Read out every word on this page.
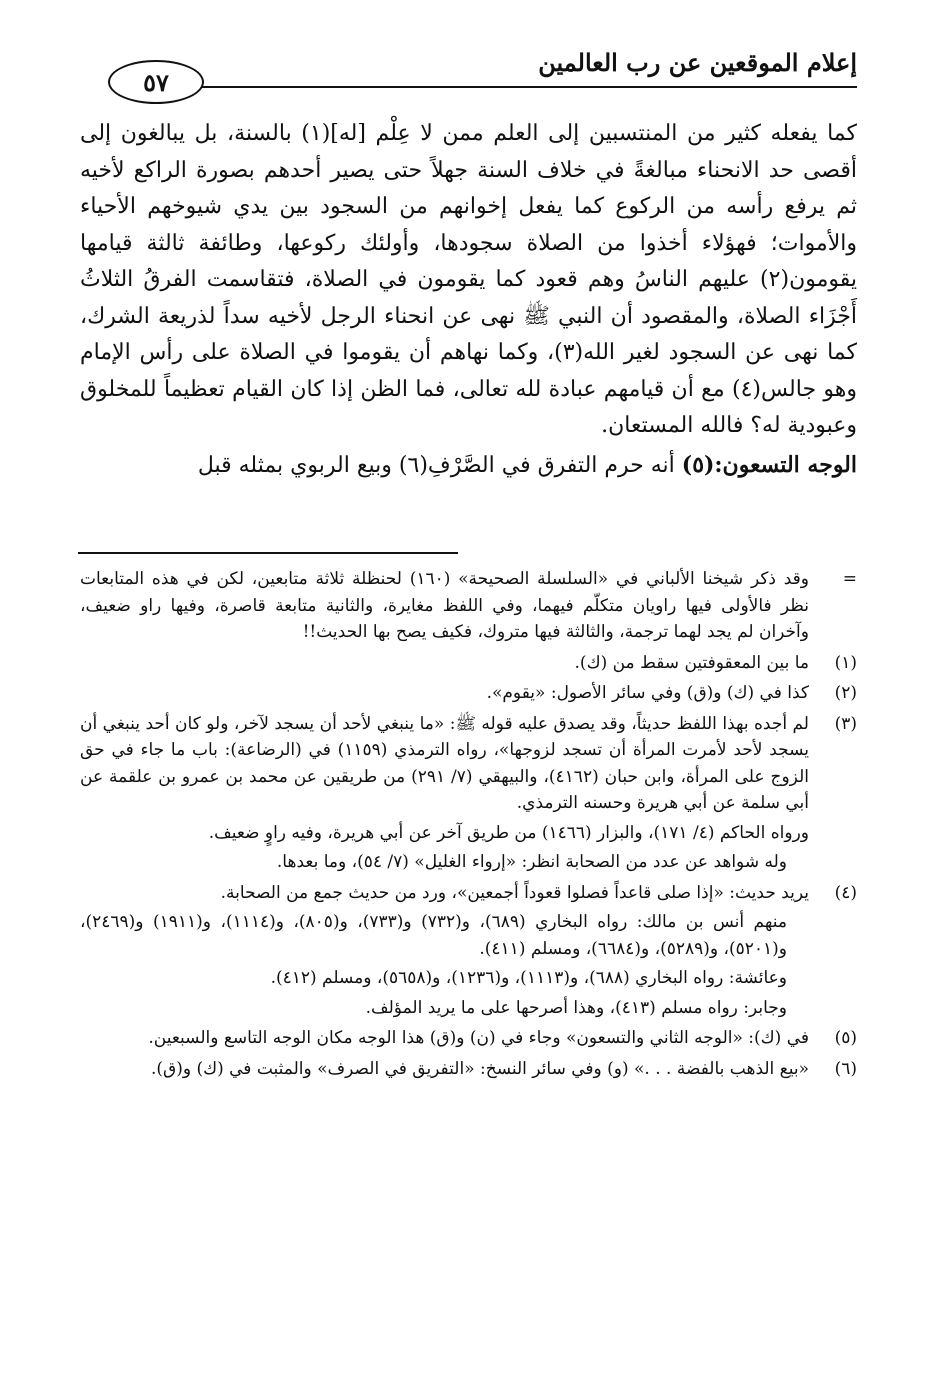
إعلام الموقعين عن رب العالمين
٥٧

كما يفعله كثير من المنتسبين إلى العلم ممن لا عِلْم [له](١) بالسنة، بل يبالغون إلى أقصى حد الانحناء مبالغةً في خلاف السنة جهلاً حتى يصير أحدهم بصورة الراكع لأخيه ثم يرفع رأسه من الركوع كما يفعل إخوانهم من السجود بين يدي شيوخهم الأحياء والأموات؛ فهؤلاء أخذوا من الصلاة سجودها، وأولئك ركوعها، وطائفة ثالثة قيامها يقومون(٢) عليهم الناسُ وهم قعود كما يقومون في الصلاة، فتقاسمت الفرقُ الثلاثُ أَجْزَاء الصلاة، والمقصود أن النبي ﷺ نهى عن انحناء الرجل لأخيه سداً لذريعة الشرك، كما نهى عن السجود لغير الله(٣)، وكما نهاهم أن يقوموا في الصلاة على رأس الإمام وهو جالس(٤) مع أن قيامهم عبادة لله تعالى، فما الظن إذا كان القيام تعظيماً للمخلوق وعبودية له؟ فالله المستعان.

الوجه التسعون:(٥) أنه حرم التفرق في الصَّرْفِ(٦) وبيع الربوي بمثله قبل

=

وقد ذكر شيخنا الألباني في «السلسلة الصحيحة» (١٦٠) لحنظلة ثلاثة متابعين، لكن في هذه المتابعات نظر فالأولى فيها راويان متكلّم فيهما، وفي اللفظ مغايرة، والثانية متابعة قاصرة، وفيها راو ضعيف، وآخران لم يجد لهما ترجمة، والثالثة فيها متروك، فكيف يصح بها الحديث!!

(١)

ما بين المعقوفتين سقط من (ك).

(٢)

كذا في (ك) و(ق) وفي سائر الأصول: «يقوم».

(٣)

لم أجده بهذا اللفظ حديثاً، وقد يصدق عليه قوله ﷺ: «ما ينبغي لأحد أن يسجد لآخر، ولو كان أحد ينبغي أن يسجد لأحد لأمرت المرأة أن تسجد لزوجها»، رواه الترمذي (١١٥٩) في (الرضاعة): باب ما جاء في حق الزوج على المرأة، وابن حبان (٤١٦٢)، والبيهقي (٧/ ٢٩١) من طريقين عن محمد بن عمرو بن علقمة عن أبي سلمة عن أبي هريرة وحسنه الترمذي.

ورواه الحاكم (٤/ ١٧١)، والبزار (١٤٦٦) من طريق آخر عن أبي هريرة، وفيه راوٍ ضعيف.

وله شواهد عن عدد من الصحابة انظر: «إرواء الغليل» (٧/ ٥٤)، وما بعدها.

(٤)

يريد حديث: «إذا صلى قاعداً فصلوا قعوداً أجمعين»، ورد من حديث جمع من الصحابة.

منهم أنس بن مالك: رواه البخاري (٦٨٩)، و(٧٣٢) و(٧٣٣)، و(٨٠٥)، و(١١١٤)، و(١٩١١) و(٢٤٦٩)، و(٥٢٠١)، و(٥٢٨٩)، و(٦٦٨٤)، ومسلم (٤١١).

وعائشة: رواه البخاري (٦٨٨)، و(١١١٣)، و(١٢٣٦)، و(٥٦٥٨)، ومسلم (٤١٢).

وجابر: رواه مسلم (٤١٣)، وهذا أصرحها على ما يريد المؤلف.

(٥)

في (ك): «الوجه الثاني والتسعون» وجاء في (ن) و(ق) هذا الوجه مكان الوجه التاسع والسبعين.

(٦)

«بيع الذهب بالفضة . . .» (و) وفي سائر النسخ: «التفريق في الصرف» والمثبت في (ك) و(ق).
